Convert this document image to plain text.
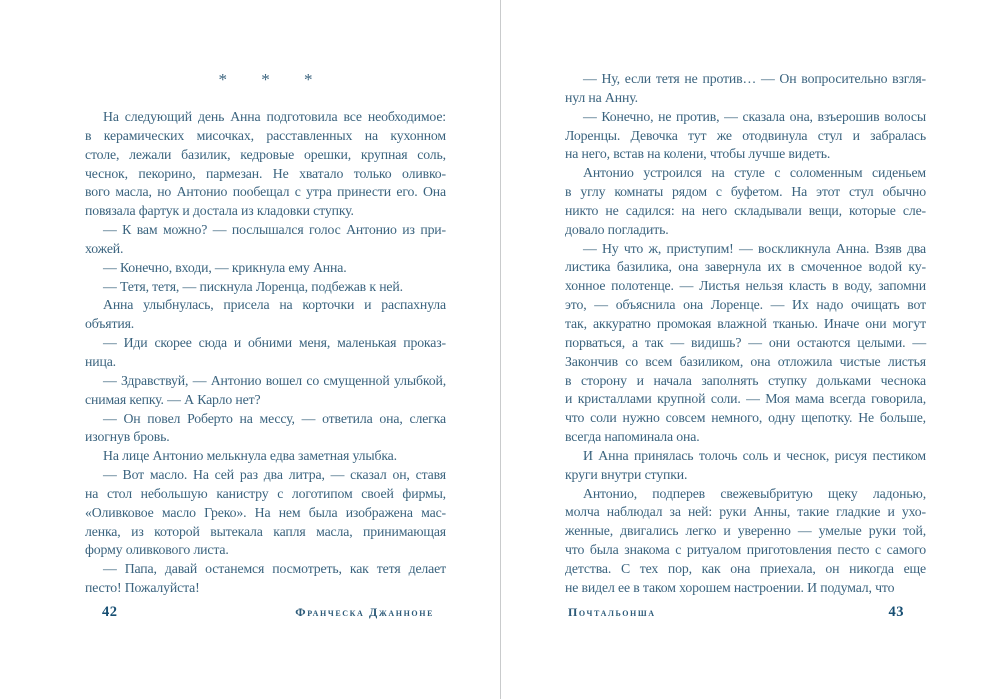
* * *
На следующий день Анна подготовила все необходимое:
в керамических мисочках, расставленных на кухонном
столе, лежали базилик, кедровые орешки, крупная соль,
чеснок, пекорино, пармезан. Не хватало только оливко-
вого масла, но Антонио пообещал с утра принести его. Она
повязала фартук и достала из кладовки ступку.
— К вам можно? — послышался голос Антонио из при-
хожей.
— Конечно, входи, — крикнула ему Анна.
— Тетя, тетя, — пискнула Лоренца, подбежав к ней.
Анна улыбнулась, присела на корточки и распахнула
объятия.
— Иди скорее сюда и обними меня, маленькая проказ-
ница.
— Здравствуй, — Антонио вошел со смущенной улыбкой,
снимая кепку. — А Карло нет?
— Он повел Роберто на мессу, — ответила она, слегка
изогнув бровь.
На лице Антонио мелькнула едва заметная улыбка.
— Вот масло. На сей раз два литра, — сказал он, ставя
на стол небольшую канистру с логотипом своей фирмы,
«Оливковое масло Греко». На нем была изображена мас-
ленка, из которой вытекала капля масла, принимающая
форму оливкового листа.
— Папа, давай останемся посмотреть, как тетя делает
песто! Пожалуйста!
42	Франческа Джанноне
— Ну, если тетя не против… — Он вопросительно взгля-
нул на Анну.
— Конечно, не против, — сказала она, взъерошив волосы
Лоренцы. Девочка тут же отодвинула стул и забралась
на него, встав на колени, чтобы лучше видеть.
Антонио устроился на стуле с соломенным сиденьем
в углу комнаты рядом с буфетом. На этот стул обычно
никто не садился: на него складывали вещи, которые сле-
довало погладить.
— Ну что ж, приступим! — воскликнула Анна. Взяв два
листика базилика, она завернула их в смоченное водой ку-
хонное полотенце. — Листья нельзя класть в воду, запомни
это, — объяснила она Лоренце. — Их надо очищать вот
так, аккуратно промокая влажной тканью. Иначе они могут
порваться, а так — видишь? — они остаются целыми. —
Закончив со всем базиликом, она отложила чистые листья
в сторону и начала заполнять ступку дольками чеснока
и кристаллами крупной соли. — Моя мама всегда говорила,
что соли нужно совсем немного, одну щепотку. Не больше,
всегда напоминала она.
И Анна принялась толочь соль и чеснок, рисуя пестиком
круги внутри ступки.
Антонио, подперев свежевыбритую щеку ладонью,
молча наблюдал за ней: руки Анны, такие гладкие и ухо-
женные, двигались легко и уверенно — умелые руки той,
что была знакома с ритуалом приготовления песто с самого
детства. С тех пор, как она приехала, он никогда еще
не видел ее в таком хорошем настроении. И подумал, что
Почтальонша	43
